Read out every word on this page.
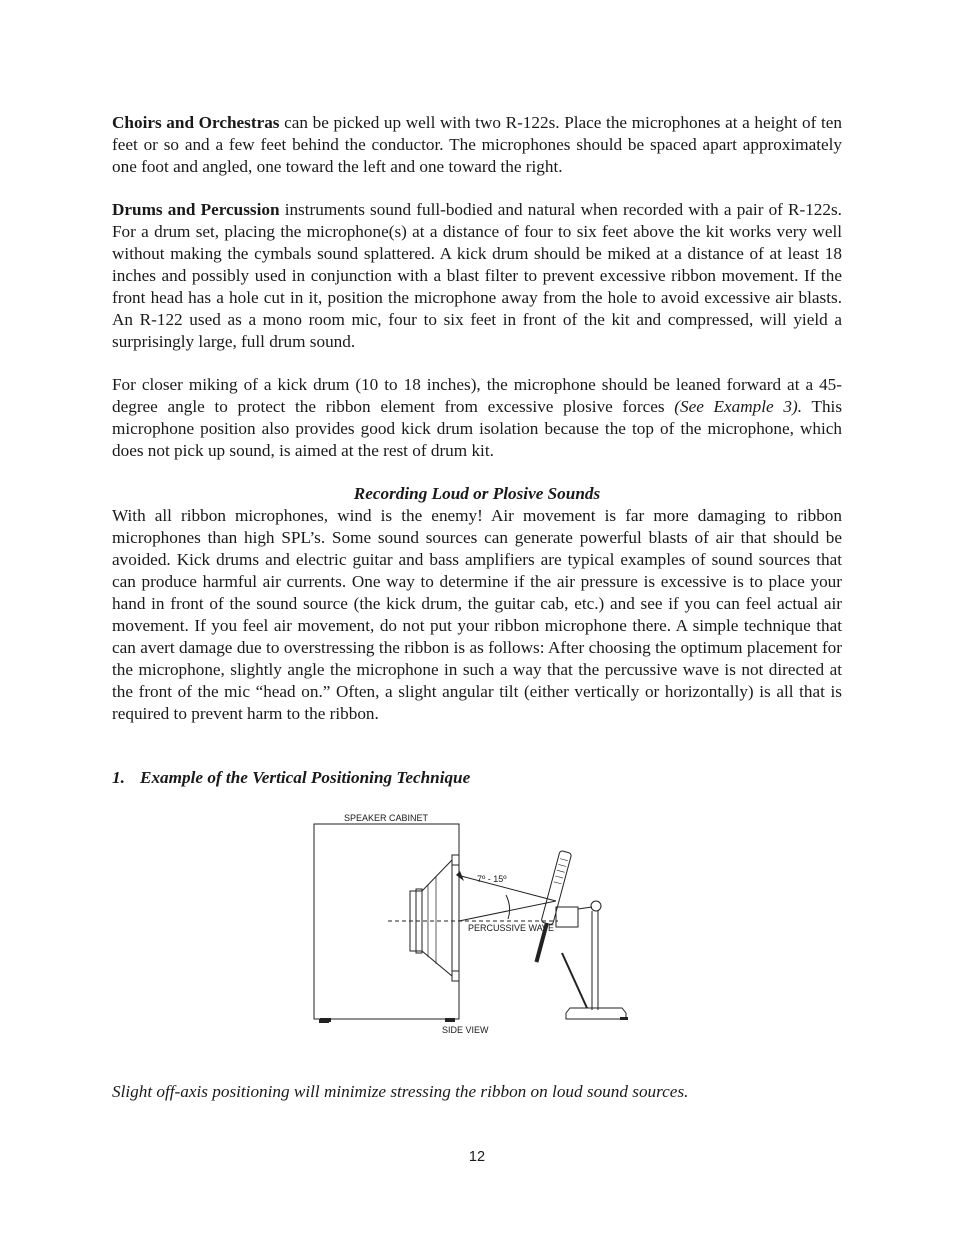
Choirs and Orchestras can be picked up well with two R-122s. Place the microphones at a height of ten feet or so and a few feet behind the conductor. The microphones should be spaced apart approximately one foot and angled, one toward the left and one toward the right.

Drums and Percussion instruments sound full-bodied and natural when recorded with a pair of R-122s. For a drum set, placing the microphone(s) at a distance of four to six feet above the kit works very well without making the cymbals sound splattered. A kick drum should be miked at a distance of at least 18 inches and possibly used in conjunction with a blast filter to prevent excessive ribbon movement. If the front head has a hole cut in it, position the microphone away from the hole to avoid excessive air blasts. An R-122 used as a mono room mic, four to six feet in front of the kit and compressed, will yield a surprisingly large, full drum sound.

For closer miking of a kick drum (10 to 18 inches), the microphone should be leaned forward at a 45-degree angle to protect the ribbon element from excessive plosive forces (See Example 3). This microphone position also provides good kick drum isolation because the top of the microphone, which does not pick up sound, is aimed at the rest of drum kit.

Recording Loud or Plosive Sounds

With all ribbon microphones, wind is the enemy! Air movement is far more damaging to ribbon microphones than high SPL’s. Some sound sources can generate powerful blasts of air that should be avoided. Kick drums and electric guitar and bass amplifiers are typical examples of sound sources that can produce harmful air currents. One way to determine if the air pressure is excessive is to place your hand in front of the sound source (the kick drum, the guitar cab, etc.) and see if you can feel actual air movement. If you feel air movement, do not put your ribbon microphone there. A simple technique that can avert damage due to overstressing the ribbon is as follows: After choosing the optimum placement for the microphone, slightly angle the microphone in such a way that the percussive wave is not directed at the front of the mic “head on.” Often, a slight angular tilt (either vertically or horizontally) is all that is required to prevent harm to the ribbon.

1. Example of the Vertical Positioning Technique
SPEAKER CABINET
7º - 15º
PERCUSSIVE WAVE
SIDE VIEW
Slight off-axis positioning will minimize stressing the ribbon on loud sound sources.
12
